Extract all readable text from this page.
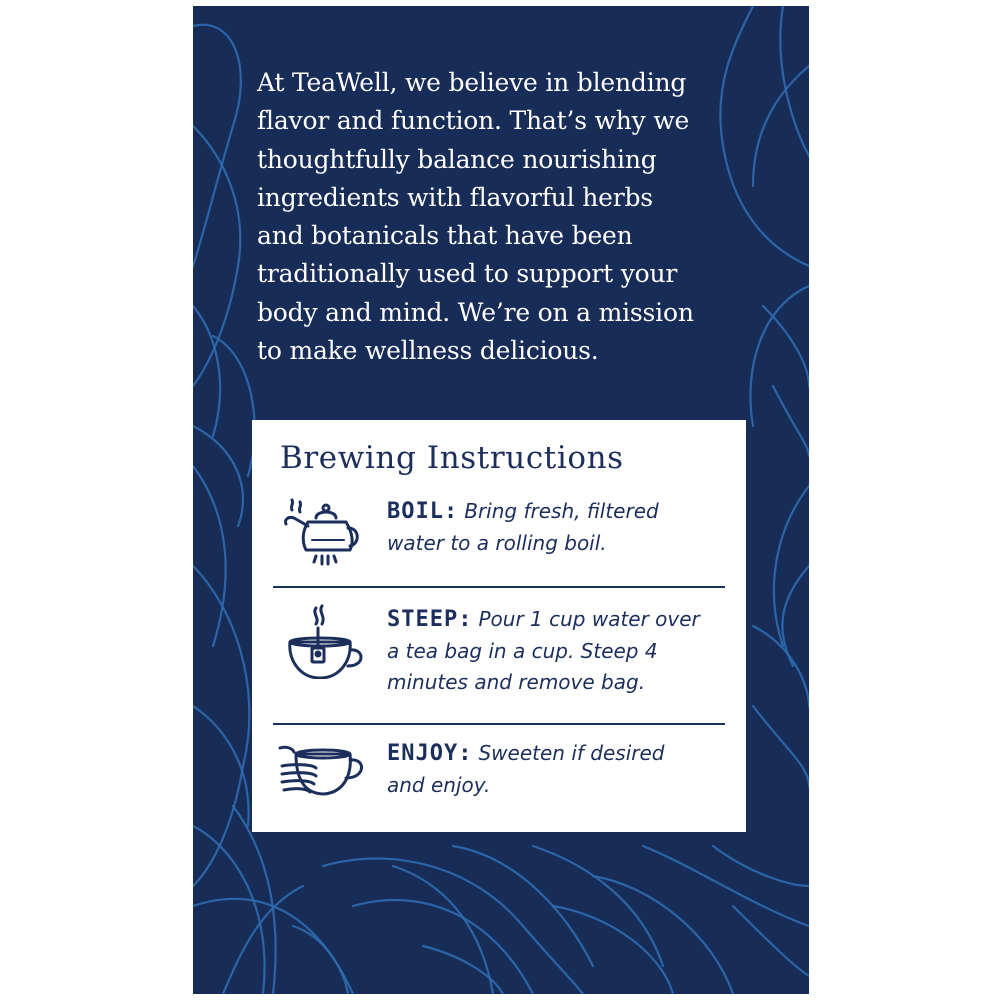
At TeaWell, we believe in blending
flavor and function. That’s why we
thoughtfully balance nourishing
ingredients with flavorful herbs
and botanicals that have been
traditionally used to support your
body and mind. We’re on a mission
to make wellness delicious.
Brewing Instructions
BOIL: Bring fresh, filtered
water to a rolling boil.
STEEP: Pour 1 cup water over
a tea bag in a cup. Steep 4
minutes and remove bag.
ENJOY: Sweeten if desired
and enjoy.
